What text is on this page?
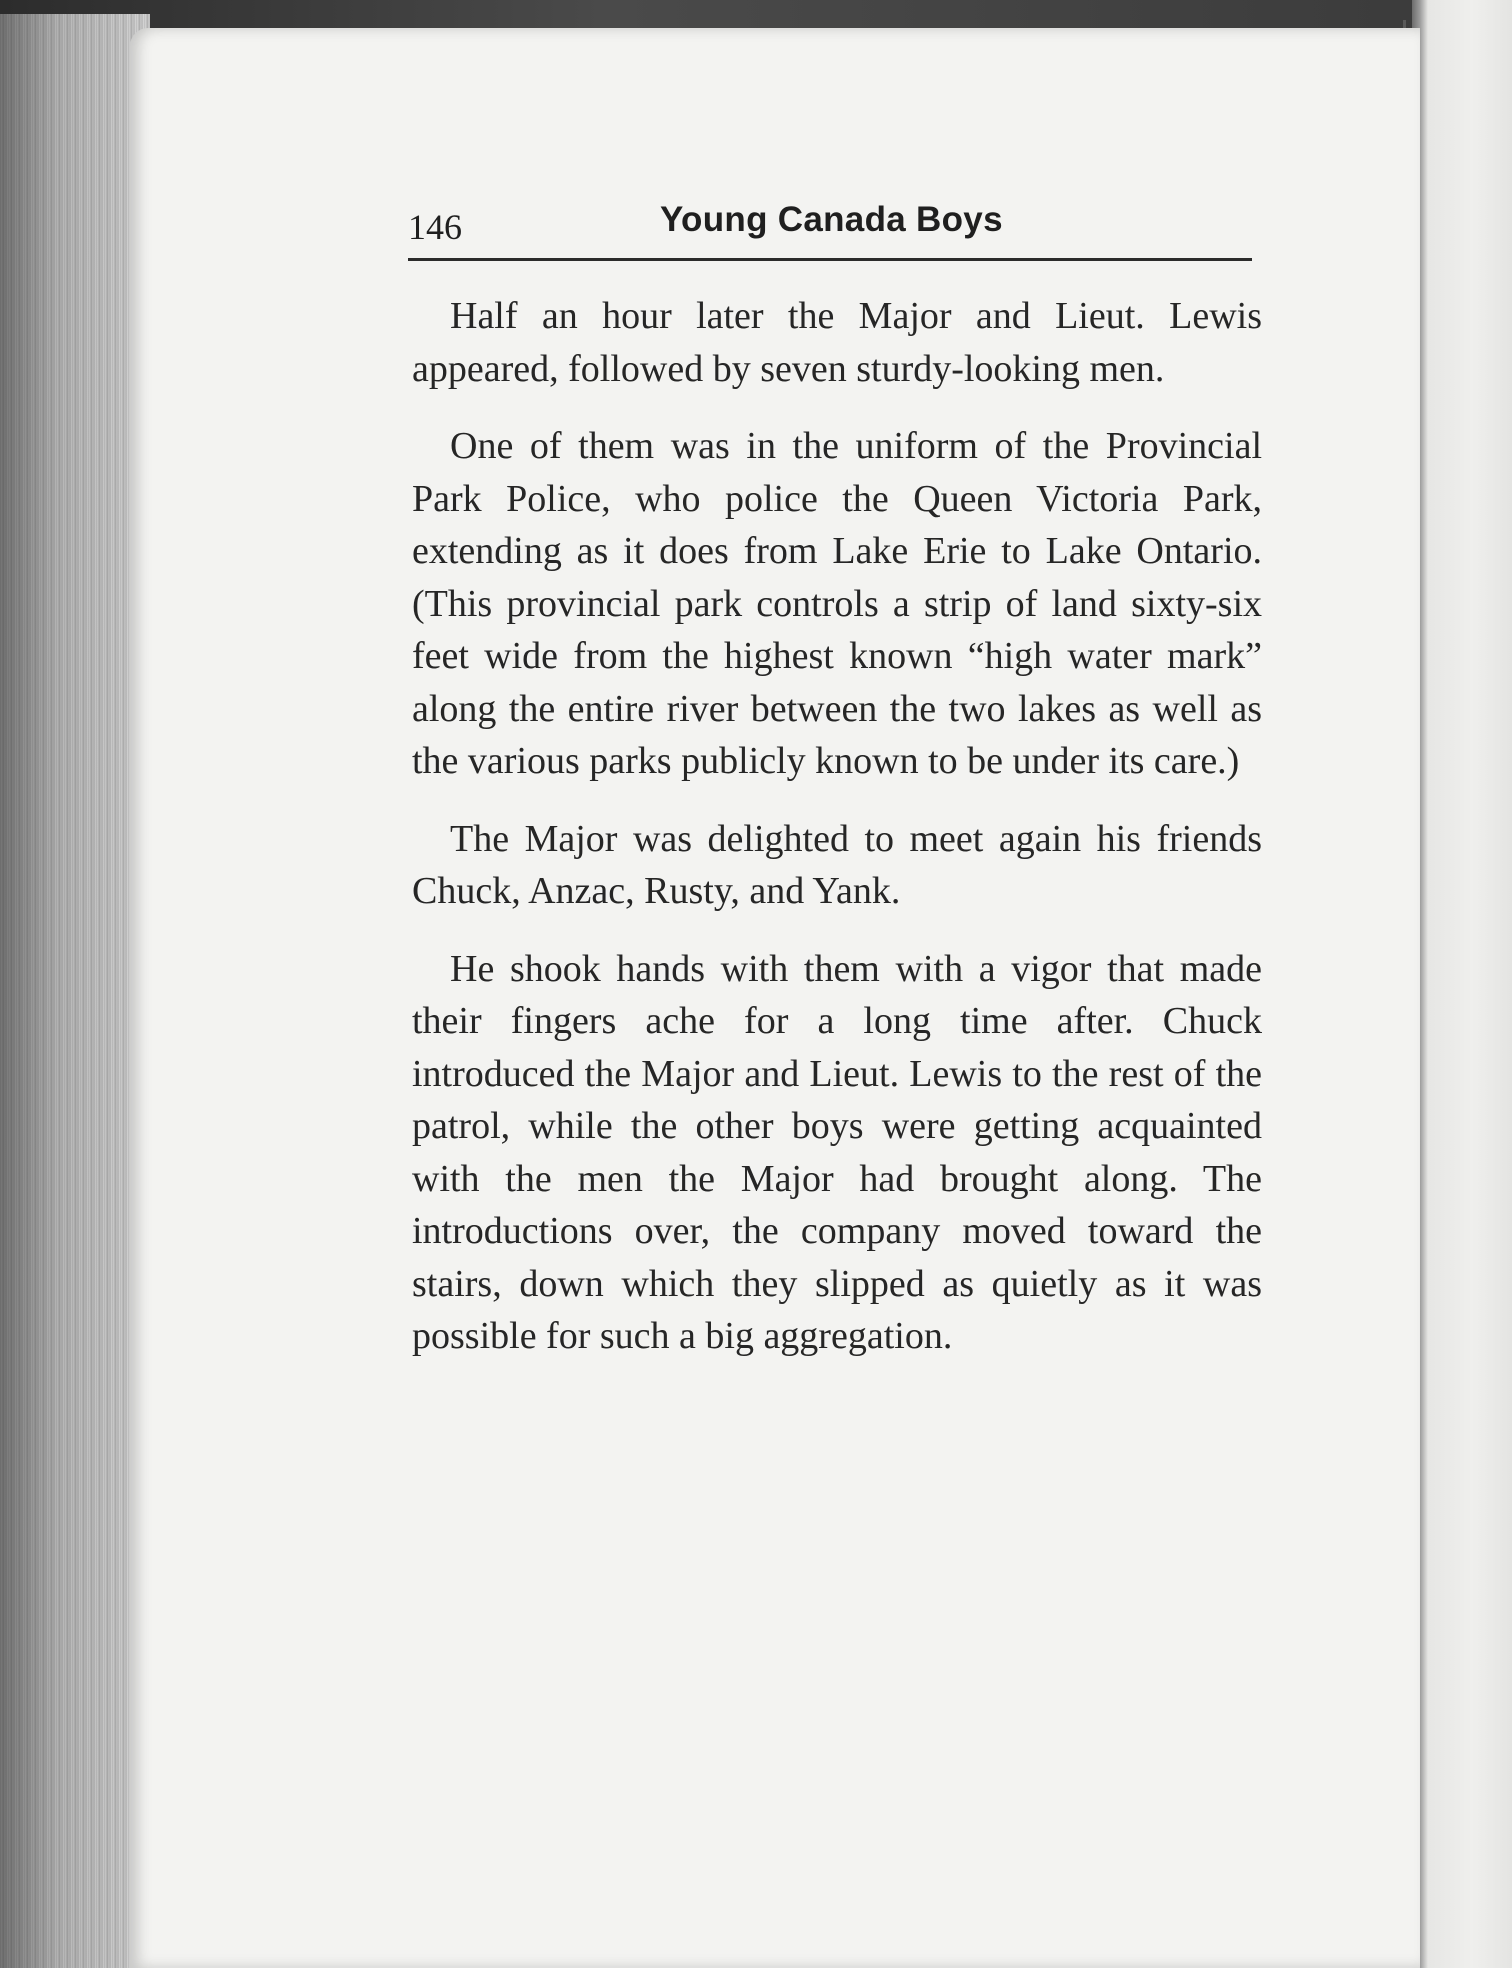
146	Young Canada Boys

Half an hour later the Major and Lieut. Lewis appeared, followed by seven sturdy-looking men.

One of them was in the uniform of the Provincial Park Police, who police the Queen Victoria Park, extending as it does from Lake Erie to Lake Ontario. (This provincial park controls a strip of land sixty-six feet wide from the highest known “high water mark” along the entire river between the two lakes as well as the various parks publicly known to be under its care.)

The Major was delighted to meet again his friends Chuck, Anzac, Rusty, and Yank.

He shook hands with them with a vigor that made their fingers ache for a long time after. Chuck introduced the Major and Lieut. Lewis to the rest of the patrol, while the other boys were getting acquainted with the men the Major had brought along. The introductions over, the company moved toward the stairs, down which they slipped as quietly as it was possible for such a big aggregation.
